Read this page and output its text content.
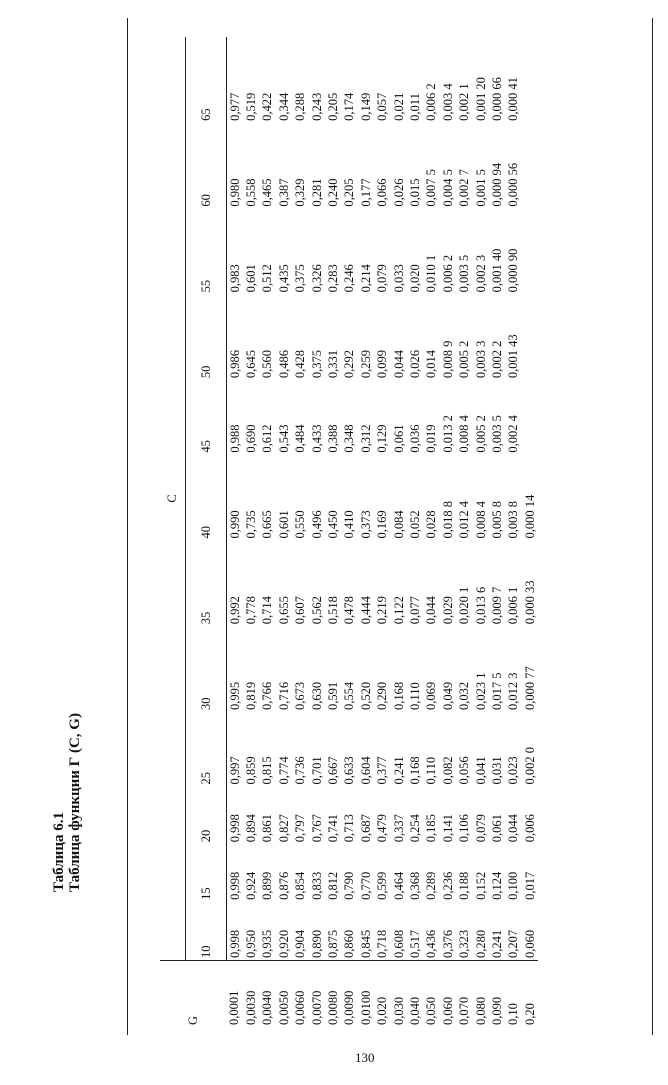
Таблица 6.1 Таблица функции Г (С, G)
G	C											
	10	15	20	25	30	35	40	45	50	55	60	65
0,0001	0,998	0,998	0,998	0,997	0,995	0,992	0,990	0,988	0,986	0,983	0,980	0,977
0,0030	0,950	0,924	0,894	0,859	0,819	0,778	0,735	0,690	0,645	0,601	0,558	0,519
0,0040	0,935	0,899	0,861	0,815	0,766	0,714	0,665	0,612	0,560	0,512	0,465	0,422
0,0050	0,920	0,876	0,827	0,774	0,716	0,655	0,601	0,543	0,486	0,435	0,387	0,344
0,0060	0,904	0,854	0,797	0,736	0,673	0,607	0,550	0,484	0,428	0,375	0,329	0,288
0,0070	0,890	0,833	0,767	0,701	0,630	0,562	0,496	0,433	0,375	0,326	0,281	0,243
0,0080	0,875	0,812	0,741	0,667	0,591	0,518	0,450	0,388	0,331	0,283	0,240	0,205
0,0090	0,860	0,790	0,713	0,633	0,554	0,478	0,410	0,348	0,292	0,246	0,205	0,174
0,0100	0,845	0,770	0,687	0,604	0,520	0,444	0,373	0,312	0,259	0,214	0,177	0,149
0,020	0,718	0,599	0,479	0,377	0,290	0,219	0,169	0,129	0,099	0,079	0,066	0,057
0,030	0,608	0,464	0,337	0,241	0,168	0,122	0,084	0,061	0,044	0,033	0,026	0,021
0,040	0,517	0,368	0,254	0,168	0,110	0,077	0,052	0,036	0,026	0,020	0,015	0,011
0,050	0,436	0,289	0,185	0,110	0,069	0,044	0,028	0,019	0,014	0,010 1	0,007 5	0,006 2
0,060	0,376	0,236	0,141	0,082	0,049	0,029	0,018 8	0,013 2	0,008 9	0,006 2	0,004 5	0,003 4
0,070	0,323	0,188	0,106	0,056	0,032	0,020 1	0,012 4	0,008 4	0,005 2	0,003 5	0,002 7	0,002 1
0,080	0,280	0,152	0,079	0,041	0,023 1	0,013 6	0,008 4	0,005 2	0,003 3	0,002 3	0,001 5	0,001 20
0,090	0,241	0,124	0,061	0,031	0,017 5	0,009 7	0,005 8	0,003 5	0,002 2	0,001 40	0,000 94	0,000 66
0,10	0,207	0,100	0,044	0,023	0,012 3	0,006 1	0,003 8	0,002 4	0,001 43	0,000 90	0,000 56	0,000 41
0,20	0,060	0,017	0,006	0,002 0	0,000 77	0,000 33	0,000 14					
130
